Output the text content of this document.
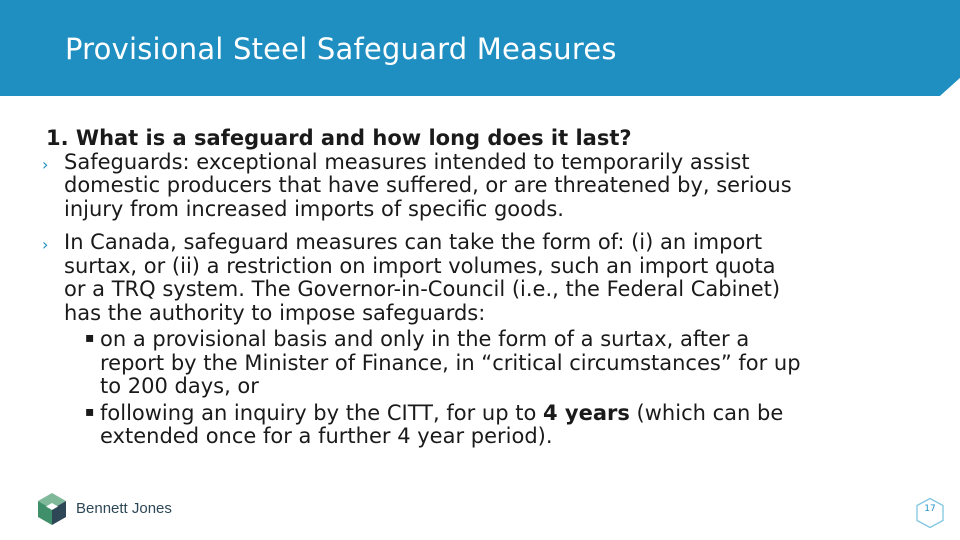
Provisional Steel Safeguard Measures
1. What is a safeguard and how long does it last?
› Safeguards: exceptional measures intended to temporarily assist
domestic producers that have suffered, or are threatened by, serious
injury from increased imports of specific goods.
› In Canada, safeguard measures can take the form of: (i) an import
surtax, or (ii) a restriction on import volumes, such an import quota
or a TRQ system. The Governor-in-Council (i.e., the Federal Cabinet)
has the authority to impose safeguards:
▪ on a provisional basis and only in the form of a surtax, after a
report by the Minister of Finance, in “critical circumstances” for up
to 200 days, or
▪ following an inquiry by the CITT, for up to 4 years (which can be
extended once for a further 4 year period).
Bennett Jones	17
